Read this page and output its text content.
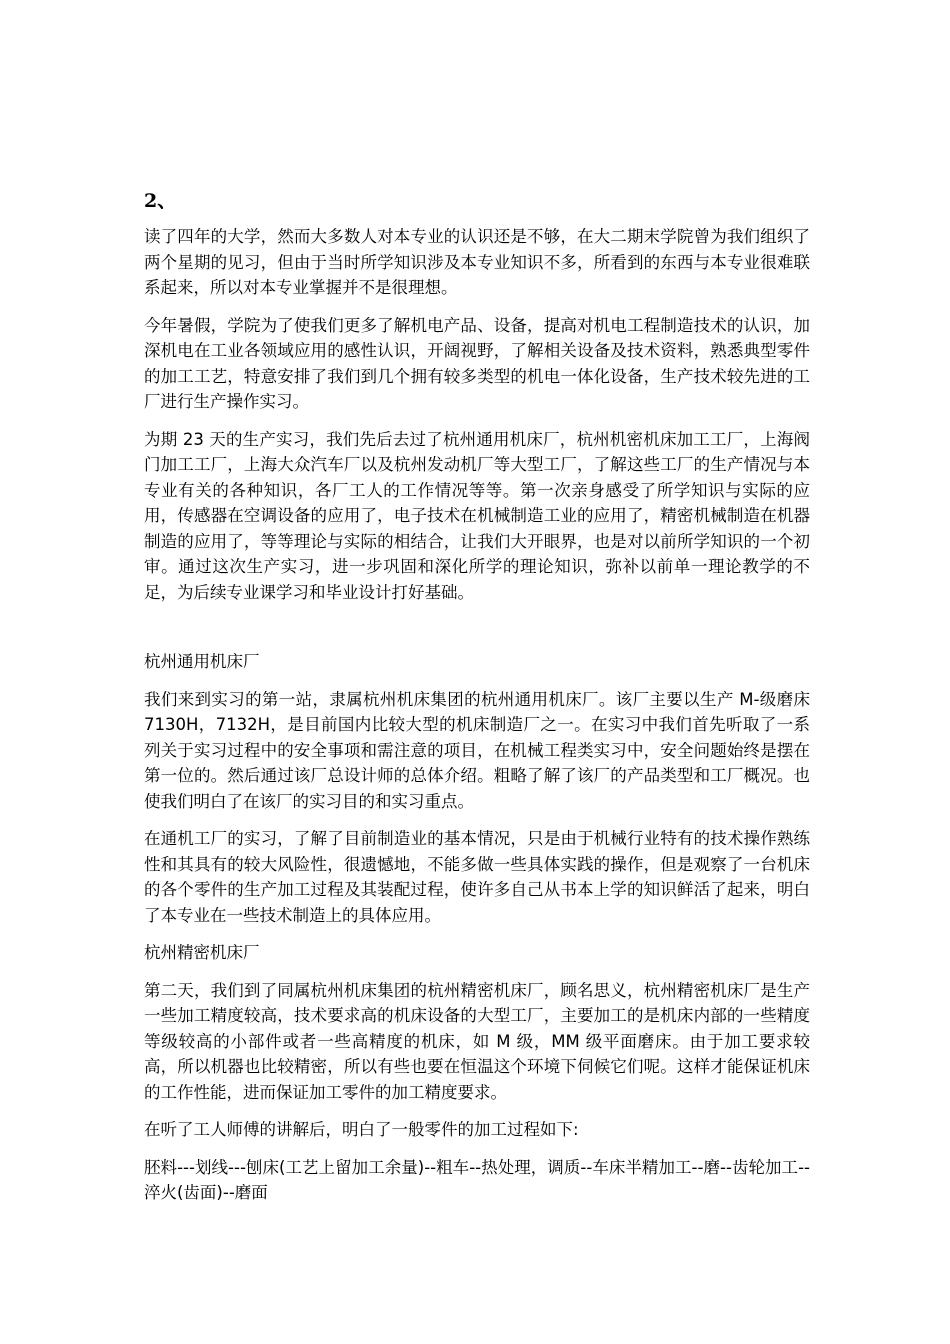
2、

读了四年的大学，然而大多数人对本专业的认识还是不够，在大二期末学院曾为我们组织了两个星期的见习，但由于当时所学知识涉及本专业知识不多，所看到的东西与本专业很难联系起来，所以对本专业掌握并不是很理想。

今年暑假，学院为了使我们更多了解机电产品、设备，提高对机电工程制造技术的认识，加深机电在工业各领域应用的感性认识，开阔视野，了解相关设备及技术资料，熟悉典型零件的加工工艺，特意安排了我们到几个拥有较多类型的机电一体化设备，生产技术较先进的工厂进行生产操作实习。

为期 23 天的生产实习，我们先后去过了杭州通用机床厂，杭州机密机床加工工厂，上海阀门加工工厂，上海大众汽车厂以及杭州发动机厂等大型工厂，了解这些工厂的生产情况与本专业有关的各种知识，各厂工人的工作情况等等。第一次亲身感受了所学知识与实际的应用，传感器在空调设备的应用了，电子技术在机械制造工业的应用了，精密机械制造在机器制造的应用了，等等理论与实际的相结合，让我们大开眼界，也是对以前所学知识的一个初审。通过这次生产实习，进一步巩固和深化所学的理论知识，弥补以前单一理论教学的不足，为后续专业课学习和毕业设计打好基础。

杭州通用机床厂

我们来到实习的第一站，隶属杭州机床集团的杭州通用机床厂。该厂主要以生产 M-级磨床 7130H，7132H，是目前国内比较大型的机床制造厂之一。在实习中我们首先听取了一系列关于实习过程中的安全事项和需注意的项目，在机械工程类实习中，安全问题始终是摆在第一位的。然后通过该厂总设计师的总体介绍。粗略了解了该厂的产品类型和工厂概况。也使我们明白了在该厂的实习目的和实习重点。

在通机工厂的实习，了解了目前制造业的基本情况，只是由于机械行业特有的技术操作熟练性和其具有的较大风险性，很遗憾地，不能多做一些具体实践的操作，但是观察了一台机床的各个零件的生产加工过程及其装配过程，使许多自己从书本上学的知识鲜活了起来，明白了本专业在一些技术制造上的具体应用。

杭州精密机床厂

第二天，我们到了同属杭州机床集团的杭州精密机床厂，顾名思义，杭州精密机床厂是生产一些加工精度较高，技术要求高的机床设备的大型工厂，主要加工的是机床内部的一些精度等级较高的小部件或者一些高精度的机床，如 M 级，MM 级平面磨床。由于加工要求较高，所以机器也比较精密，所以有些也要在恒温这个环境下伺候它们呢。这样才能保证机床的工作性能，进而保证加工零件的加工精度要求。

在听了工人师傅的讲解后，明白了一般零件的加工过程如下:

胚料---划线---刨床(工艺上留加工余量)--粗车--热处理，调质--车床半精加工--磨--齿轮加工--淬火(齿面)--磨面
